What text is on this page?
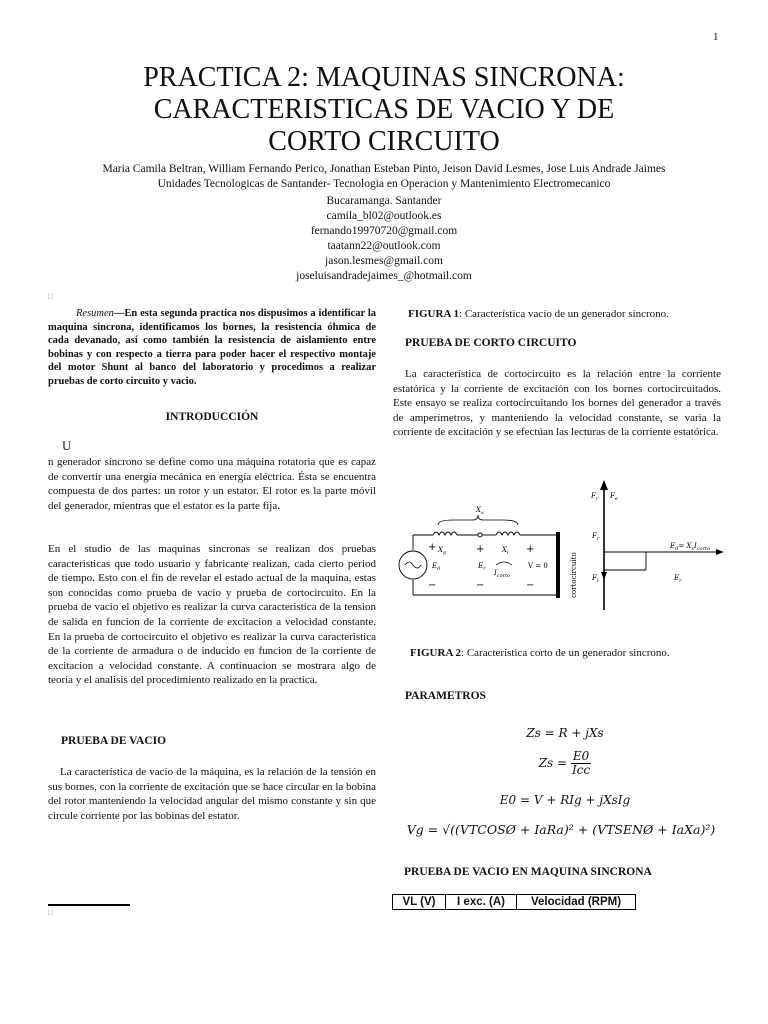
1
PRACTICA 2: MAQUINAS SINCRONA:
CARACTERISTICAS DE VACIO Y DE
CORTO CIRCUITO
Maria Camila Beltran, William Fernando Perico, Jonathan Esteban Pinto, Jeison David Lesmes, Jose Luis Andrade Jaimes
Unidades Tecnologicas de Santander- Tecnologia en Operacion y Mantenimiento Electromecanico
Bucaramanga. Santander
camila_bl02@outlook.es
fernando19970720@gmail.com
taatann22@outlook.com
jason.lesmes@gmail.com
joseluisandradejaimes_@hotmail.com
□
Resumen—En esta segunda practica nos dispusimos a identificar la maquina sincrona, identificamos los bornes, la resistencia óhmica de cada devanado, así como también la resistencia de aislamiento entre bobinas y con respecto a tierra para poder hacer el respectivo montaje del motor Shunt al banco del laboratorio y procedimos a realizar pruebas de corto circuito y vacio.
INTRODUCCIÓN
U
n generador síncrono se define como una máquina rotatoria que es capaz de convertir una energía mecánica en energía eléctrica. Ésta se encuentra compuesta de dos partes: un rotor y un estator. El rotor es la parte móvil del generador, mientras que el estator es la parte fija.
En el studio de las maquinas sincronas se realizan dos pruebas caracteristicas que todo usuario y fabricante realizan, cada cierto period de tiempo. Esto con el fin de revelar el estado actual de la maquina, estas son conocidas como prueba de vacio y prueba de cortocircuito. En la prueba de vacio el objetivo es realizar la curva caracteristica de la tension de salida en funcion de la corriente de excitacion a velocidad constante. En la prueba de cortocircuito el objetivo es realizar la curva caracteristica de la corriente de armadura o de inducido en funcion de la corriente de excitacion a velocidad constante. A continuacion se mostrara algo de teoria y el analisis del procedimiento realizado en la practica.
PRUEBA DE VACIO
La característica de vacío de la máquina, es la relación de la tensión en sus bornes, con la corriente de excitación que se hace circular en la bobina del rotor manteniendo la velocidad angular del mismo constante y sin que circule corriente por las bobinas del estator.
□
FIGURA 1: Característica vacío de un generador síncrono.
PRUEBA DE CORTO CIRCUITO
La característica de cortocircuito es la relación entre la corriente estatórica y la corriente de excitación con los bornes cortocircuitados. Este ensayo se realiza cortocircuitando los bornes del generador a través de amperímetros, y manteniendo la velocidad constante, se varía la corriente de excitación y se efectúan las lecturas de la corriente estatórica.
$X_s$
+ $X_p$	+	$X_l$ +
$E_0$	$E_r$ $I_{corto}$
V = 0
−	−	−	cortocircuito
$F_r$ $F_e$
$F_r$
$F_i$	$E_r$
$E_0= X_sI_{corto}$
FIGURA 2: Característica corto de un generador sincrono.
PARAMETROS
Zs = R + jXs
$Zs = \frac{E0}{\text{Icc}}$
E0 = V + RIg + jXsIg
Vg = √((VTCOSØ + IaRa)² + (VTSENØ + IaXa)²)
PRUEBA DE VACIO EN MAQUINA SINCRONA
VL (V)	I exc. (A)	Velocidad (RPM)
